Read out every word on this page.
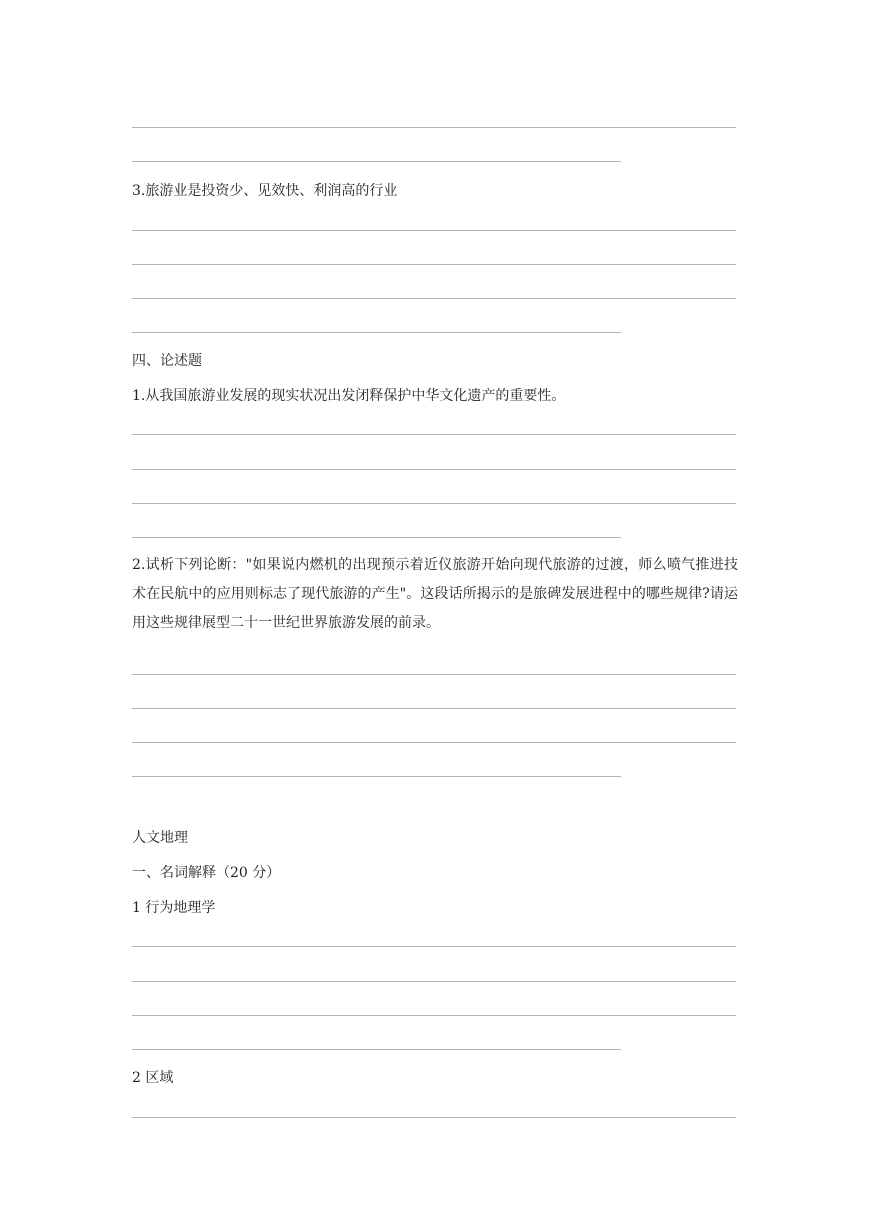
3.旅游业是投资少、见效快、利润高的行业
四、论述题
1.从我国旅游业发展的现实状况出发闭释保护中华文化遗产的重要性。
2.试析下列论断："如果说内燃机的出现预示着近仪旅游开始向现代旅游的过渡，师么喷气推进技术在民航中的应用则标志了现代旅游的产生"。这段话所揭示的是旅碑发展进程中的哪些规律?请运用这些规律展型二十一世纪世界旅游发展的前录。
人文地理
一、名词解释（20 分）
1 行为地理学
2 区域
